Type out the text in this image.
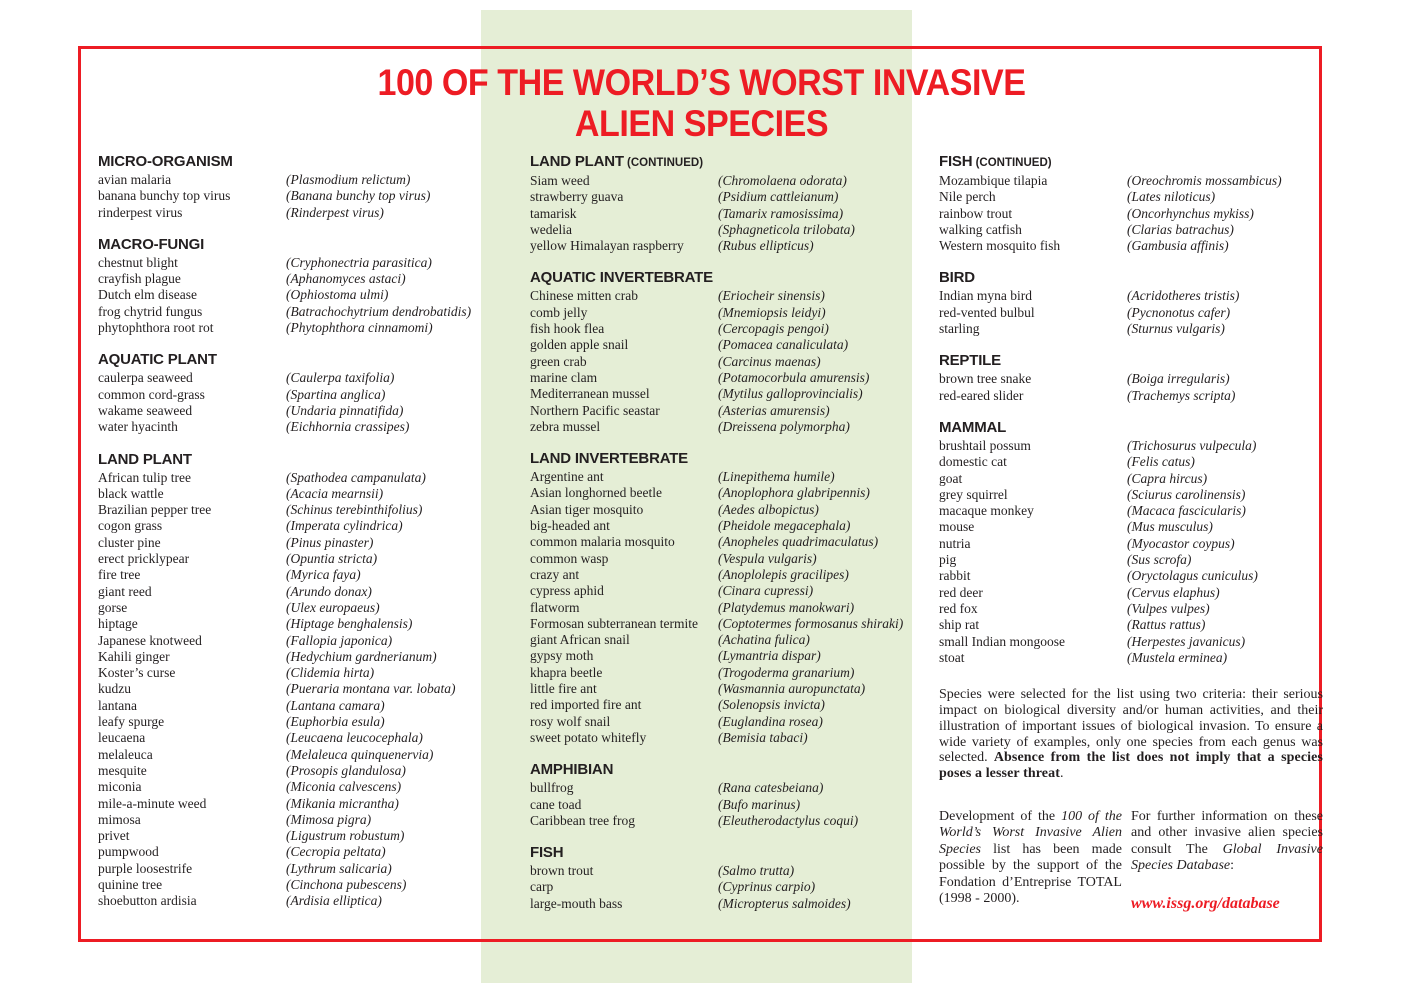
100 OF THE WORLD’S WORST INVASIVE
ALIEN SPECIES
MICRO-ORGANISM
avian malaria	(Plasmodium relictum)
banana bunchy top virus	(Banana bunchy top virus)
rinderpest virus	(Rinderpest virus)
MACRO-FUNGI
chestnut blight	(Cryphonectria parasitica)
crayfish plague	(Aphanomyces astaci)
Dutch elm disease	(Ophiostoma ulmi)
frog chytrid fungus	(Batrachochytrium dendrobatidis)
phytophthora root rot	(Phytophthora cinnamomi)
AQUATIC PLANT
caulerpa seaweed	(Caulerpa taxifolia)
common cord-grass	(Spartina anglica)
wakame seaweed	(Undaria pinnatifida)
water hyacinth	(Eichhornia crassipes)
LAND PLANT
African tulip tree	(Spathodea campanulata)
black wattle	(Acacia mearnsii)
Brazilian pepper tree	(Schinus terebinthifolius)
cogon grass	(Imperata cylindrica)
cluster pine	(Pinus pinaster)
erect pricklypear	(Opuntia stricta)
fire tree	(Myrica faya)
giant reed	(Arundo donax)
gorse	(Ulex europaeus)
hiptage	(Hiptage benghalensis)
Japanese knotweed	(Fallopia japonica)
Kahili ginger	(Hedychium gardnerianum)
Koster’s curse	(Clidemia hirta)
kudzu	(Pueraria montana var. lobata)
lantana	(Lantana camara)
leafy spurge	(Euphorbia esula)
leucaena	(Leucaena leucocephala)
melaleuca	(Melaleuca quinquenervia)
mesquite	(Prosopis glandulosa)
miconia	(Miconia calvescens)
mile-a-minute weed	(Mikania micrantha)
mimosa	(Mimosa pigra)
privet	(Ligustrum robustum)
pumpwood	(Cecropia peltata)
purple loosestrife	(Lythrum salicaria)
quinine tree	(Cinchona pubescens)
shoebutton ardisia	(Ardisia elliptica)
LAND PLANT (CONTINUED)
Siam weed	(Chromolaena odorata)
strawberry guava	(Psidium cattleianum)
tamarisk	(Tamarix ramosissima)
wedelia	(Sphagneticola trilobata)
yellow Himalayan raspberry	(Rubus ellipticus)
AQUATIC INVERTEBRATE
Chinese mitten crab	(Eriocheir sinensis)
comb jelly	(Mnemiopsis leidyi)
fish hook flea	(Cercopagis pengoi)
golden apple snail	(Pomacea canaliculata)
green crab	(Carcinus maenas)
marine clam	(Potamocorbula amurensis)
Mediterranean mussel	(Mytilus galloprovincialis)
Northern Pacific seastar	(Asterias amurensis)
zebra mussel	(Dreissena polymorpha)
LAND INVERTEBRATE
Argentine ant	(Linepithema humile)
Asian longhorned beetle	(Anoplophora glabripennis)
Asian tiger mosquito	(Aedes albopictus)
big-headed ant	(Pheidole megacephala)
common malaria mosquito	(Anopheles quadrimaculatus)
common wasp	(Vespula vulgaris)
crazy ant	(Anoplolepis gracilipes)
cypress aphid	(Cinara cupressi)
flatworm	(Platydemus manokwari)
Formosan subterranean termite (Coptotermes formosanus shiraki)
giant African snail	(Achatina fulica)
gypsy moth	(Lymantria dispar)
khapra beetle	(Trogoderma granarium)
little fire ant	(Wasmannia auropunctata)
red imported fire ant	(Solenopsis invicta)
rosy wolf snail	(Euglandina rosea)
sweet potato whitefly	(Bemisia tabaci)
AMPHIBIAN
bullfrog	(Rana catesbeiana)
cane toad	(Bufo marinus)
Caribbean tree frog	(Eleutherodactylus coqui)
FISH
brown trout	(Salmo trutta)
carp	(Cyprinus carpio)
large-mouth bass	(Micropterus salmoides)
FISH (CONTINUED)
Mozambique tilapia	(Oreochromis mossambicus)
Nile perch	(Lates niloticus)
rainbow trout	(Oncorhynchus mykiss)
walking catfish	(Clarias batrachus)
Western mosquito fish	(Gambusia affinis)
BIRD
Indian myna bird	(Acridotheres tristis)
red-vented bulbul	(Pycnonotus cafer)
starling	(Sturnus vulgaris)
REPTILE
brown tree snake	(Boiga irregularis)
red-eared slider	(Trachemys scripta)
MAMMAL
brushtail possum	(Trichosurus vulpecula)
domestic cat	(Felis catus)
goat	(Capra hircus)
grey squirrel	(Sciurus carolinensis)
macaque monkey	(Macaca fascicularis)
mouse	(Mus musculus)
nutria	(Myocastor coypus)
pig	(Sus scrofa)
rabbit	(Oryctolagus cuniculus)
red deer	(Cervus elaphus)
red fox	(Vulpes vulpes)
ship rat	(Rattus rattus)
small Indian mongoose	(Herpestes javanicus)
stoat	(Mustela erminea)
Species were selected for the list using two criteria: their serious impact on biological diversity and/or human activities, and their illustration of important issues of biological invasion. To ensure a wide variety of examples, only one species from each genus was selected. Absence from the list does not imply that a species poses a lesser threat.
Development of the 100 of the World’s Worst Invasive Alien Species list has been made possible by the support of the Fondation d’Entreprise TOTAL (1998 - 2000).
For further information on these and other invasive alien species consult The Global Invasive Species Database:
www.issg.org/database
